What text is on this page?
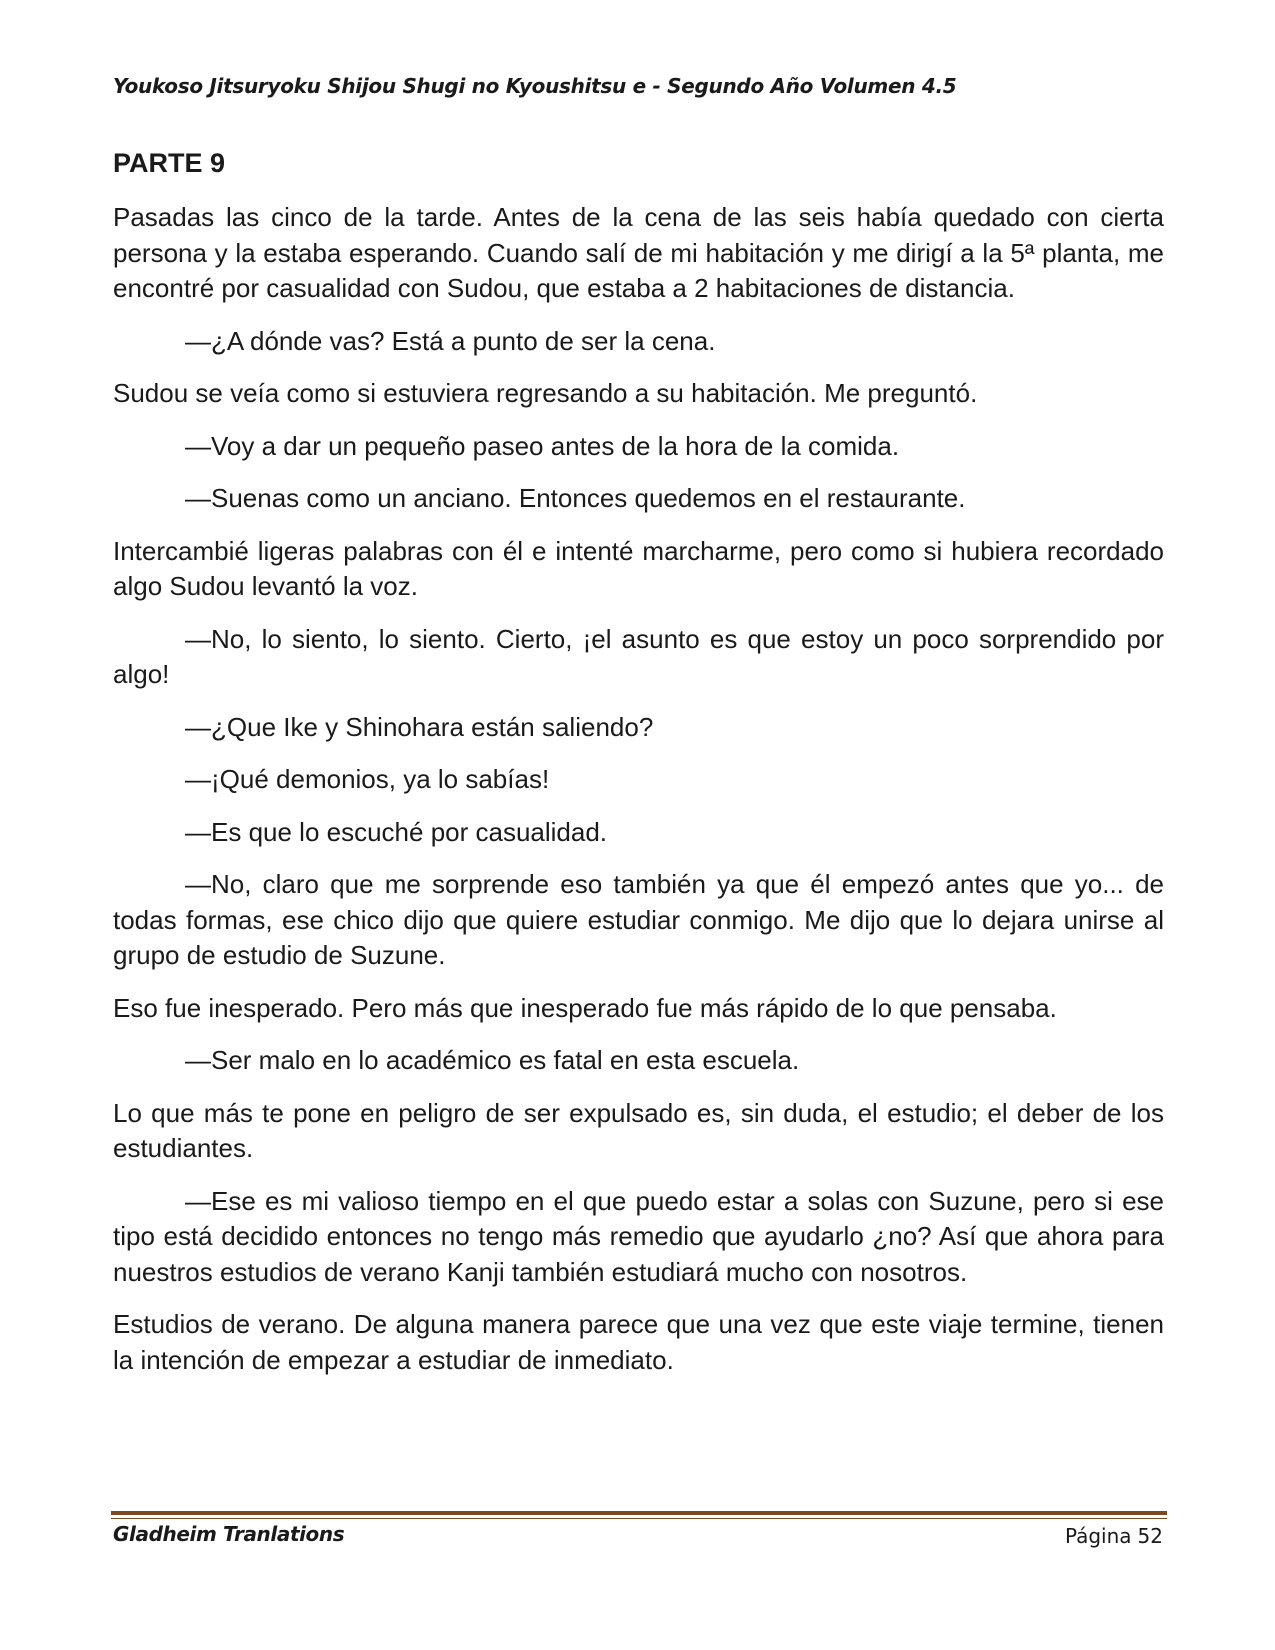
Youkoso Jitsuryoku Shijou Shugi no Kyoushitsu e - Segundo Año Volumen 4.5
PARTE 9

Pasadas las cinco de la tarde. Antes de la cena de las seis había quedado con cierta persona y la estaba esperando. Cuando salí de mi habitación y me dirigí a la 5ª planta, me encontré por casualidad con Sudou, que estaba a 2 habitaciones de distancia.

—¿A dónde vas? Está a punto de ser la cena.

Sudou se veía como si estuviera regresando a su habitación. Me preguntó.

—Voy a dar un pequeño paseo antes de la hora de la comida.

—Suenas como un anciano. Entonces quedemos en el restaurante.

Intercambié ligeras palabras con él e intenté marcharme, pero como si hubiera recordado algo Sudou levantó la voz.

—No, lo siento, lo siento. Cierto, ¡el asunto es que estoy un poco sorprendido por algo!

—¿Que Ike y Shinohara están saliendo?

—¡Qué demonios, ya lo sabías!

—Es que lo escuché por casualidad.

—No, claro que me sorprende eso también ya que él empezó antes que yo... de todas formas, ese chico dijo que quiere estudiar conmigo. Me dijo que lo dejara unirse al grupo de estudio de Suzune.

Eso fue inesperado. Pero más que inesperado fue más rápido de lo que pensaba.

—Ser malo en lo académico es fatal en esta escuela.

Lo que más te pone en peligro de ser expulsado es, sin duda, el estudio; el deber de los estudiantes.

—Ese es mi valioso tiempo en el que puedo estar a solas con Suzune, pero si ese tipo está decidido entonces no tengo más remedio que ayudarlo ¿no? Así que ahora para nuestros estudios de verano Kanji también estudiará mucho con nosotros.

Estudios de verano. De alguna manera parece que una vez que este viaje termine, tienen la intención de empezar a estudiar de inmediato.

Gladheim Tranlations	Página 52
